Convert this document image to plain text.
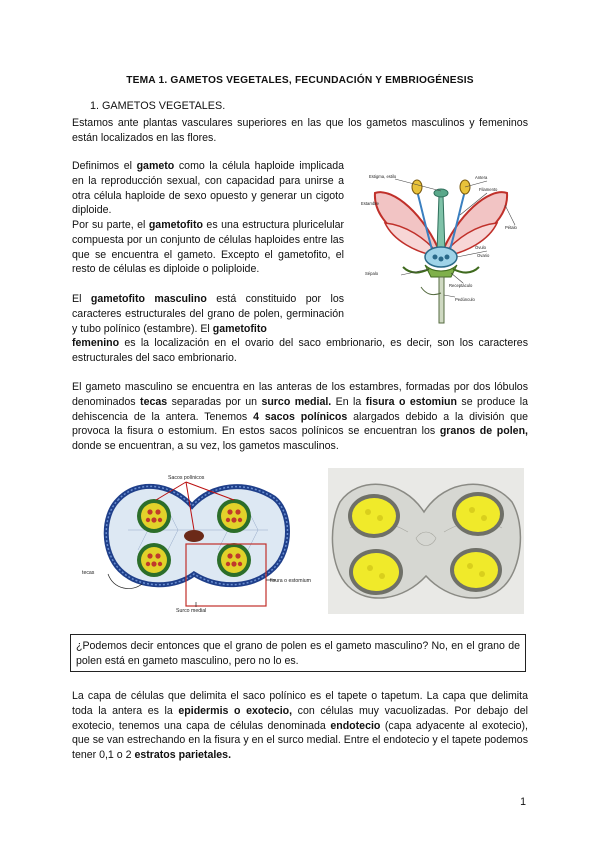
TEMA 1. GAMETOS VEGETALES, FECUNDACIÓN Y EMBRIOGÉNESIS
1. GAMETOS VEGETALES.
Estamos ante plantas vasculares superiores en las que los gametos masculinos y femeninos están localizados en las flores.
Definimos el gameto como la célula haploide implicada en la reproducción sexual, con capacidad para unirse a otra célula haploide de sexo opuesto y generar un cigoto diploide.
Por su parte, el gametofito es una estructura pluricelular compuesta por un conjunto de células haploides entre las que se encuentra el gameto. Excepto el gametofito, el resto de células es diploide o poliploide.
El gametofito masculino está constituido por los caracteres estructurales del grano de polen, germinación y tubo polínico (estambre). El gametofito
femenino es la localización en el ovario del saco embrionario, es decir, son los caracteres estructurales del saco embrionario.
Estigma, estilo	Antera
Filamento
Estambre
Pétalo
Óvulo
Ovario
Sépalo
Receptáculo
Pedúnculo
El gameto masculino se encuentra en las anteras de los estambres, formadas por dos lóbulos denominados tecas separadas por un surco medial. En la fisura o estomiun se produce la dehiscencia de la antera. Tenemos 4 sacos polínicos alargados debido a la división que provoca la fisura o estomium. En estos sacos polínicos se encuentran los granos de polen, donde se encuentran, a su vez, los gametos masculinos.
Sacos polínicos
tecas
fisura o estomium
Surco medial
¿Podemos decir entonces que el grano de polen es el gameto masculino? No, en el grano de polen está en gameto masculino, pero no lo es.
La capa de células que delimita el saco polínico es el tapete o tapetum. La capa que delimita toda la antera es la epidermis o exotecio, con células muy vacuolizadas. Por debajo del exotecio, tenemos una capa de células denominada endotecio (capa adyacente al exotecio), que se van estrechando en la fisura y en el surco medial. Entre el endotecio y el tapete podemos tener 0,1 o 2 estratos parietales.
1
